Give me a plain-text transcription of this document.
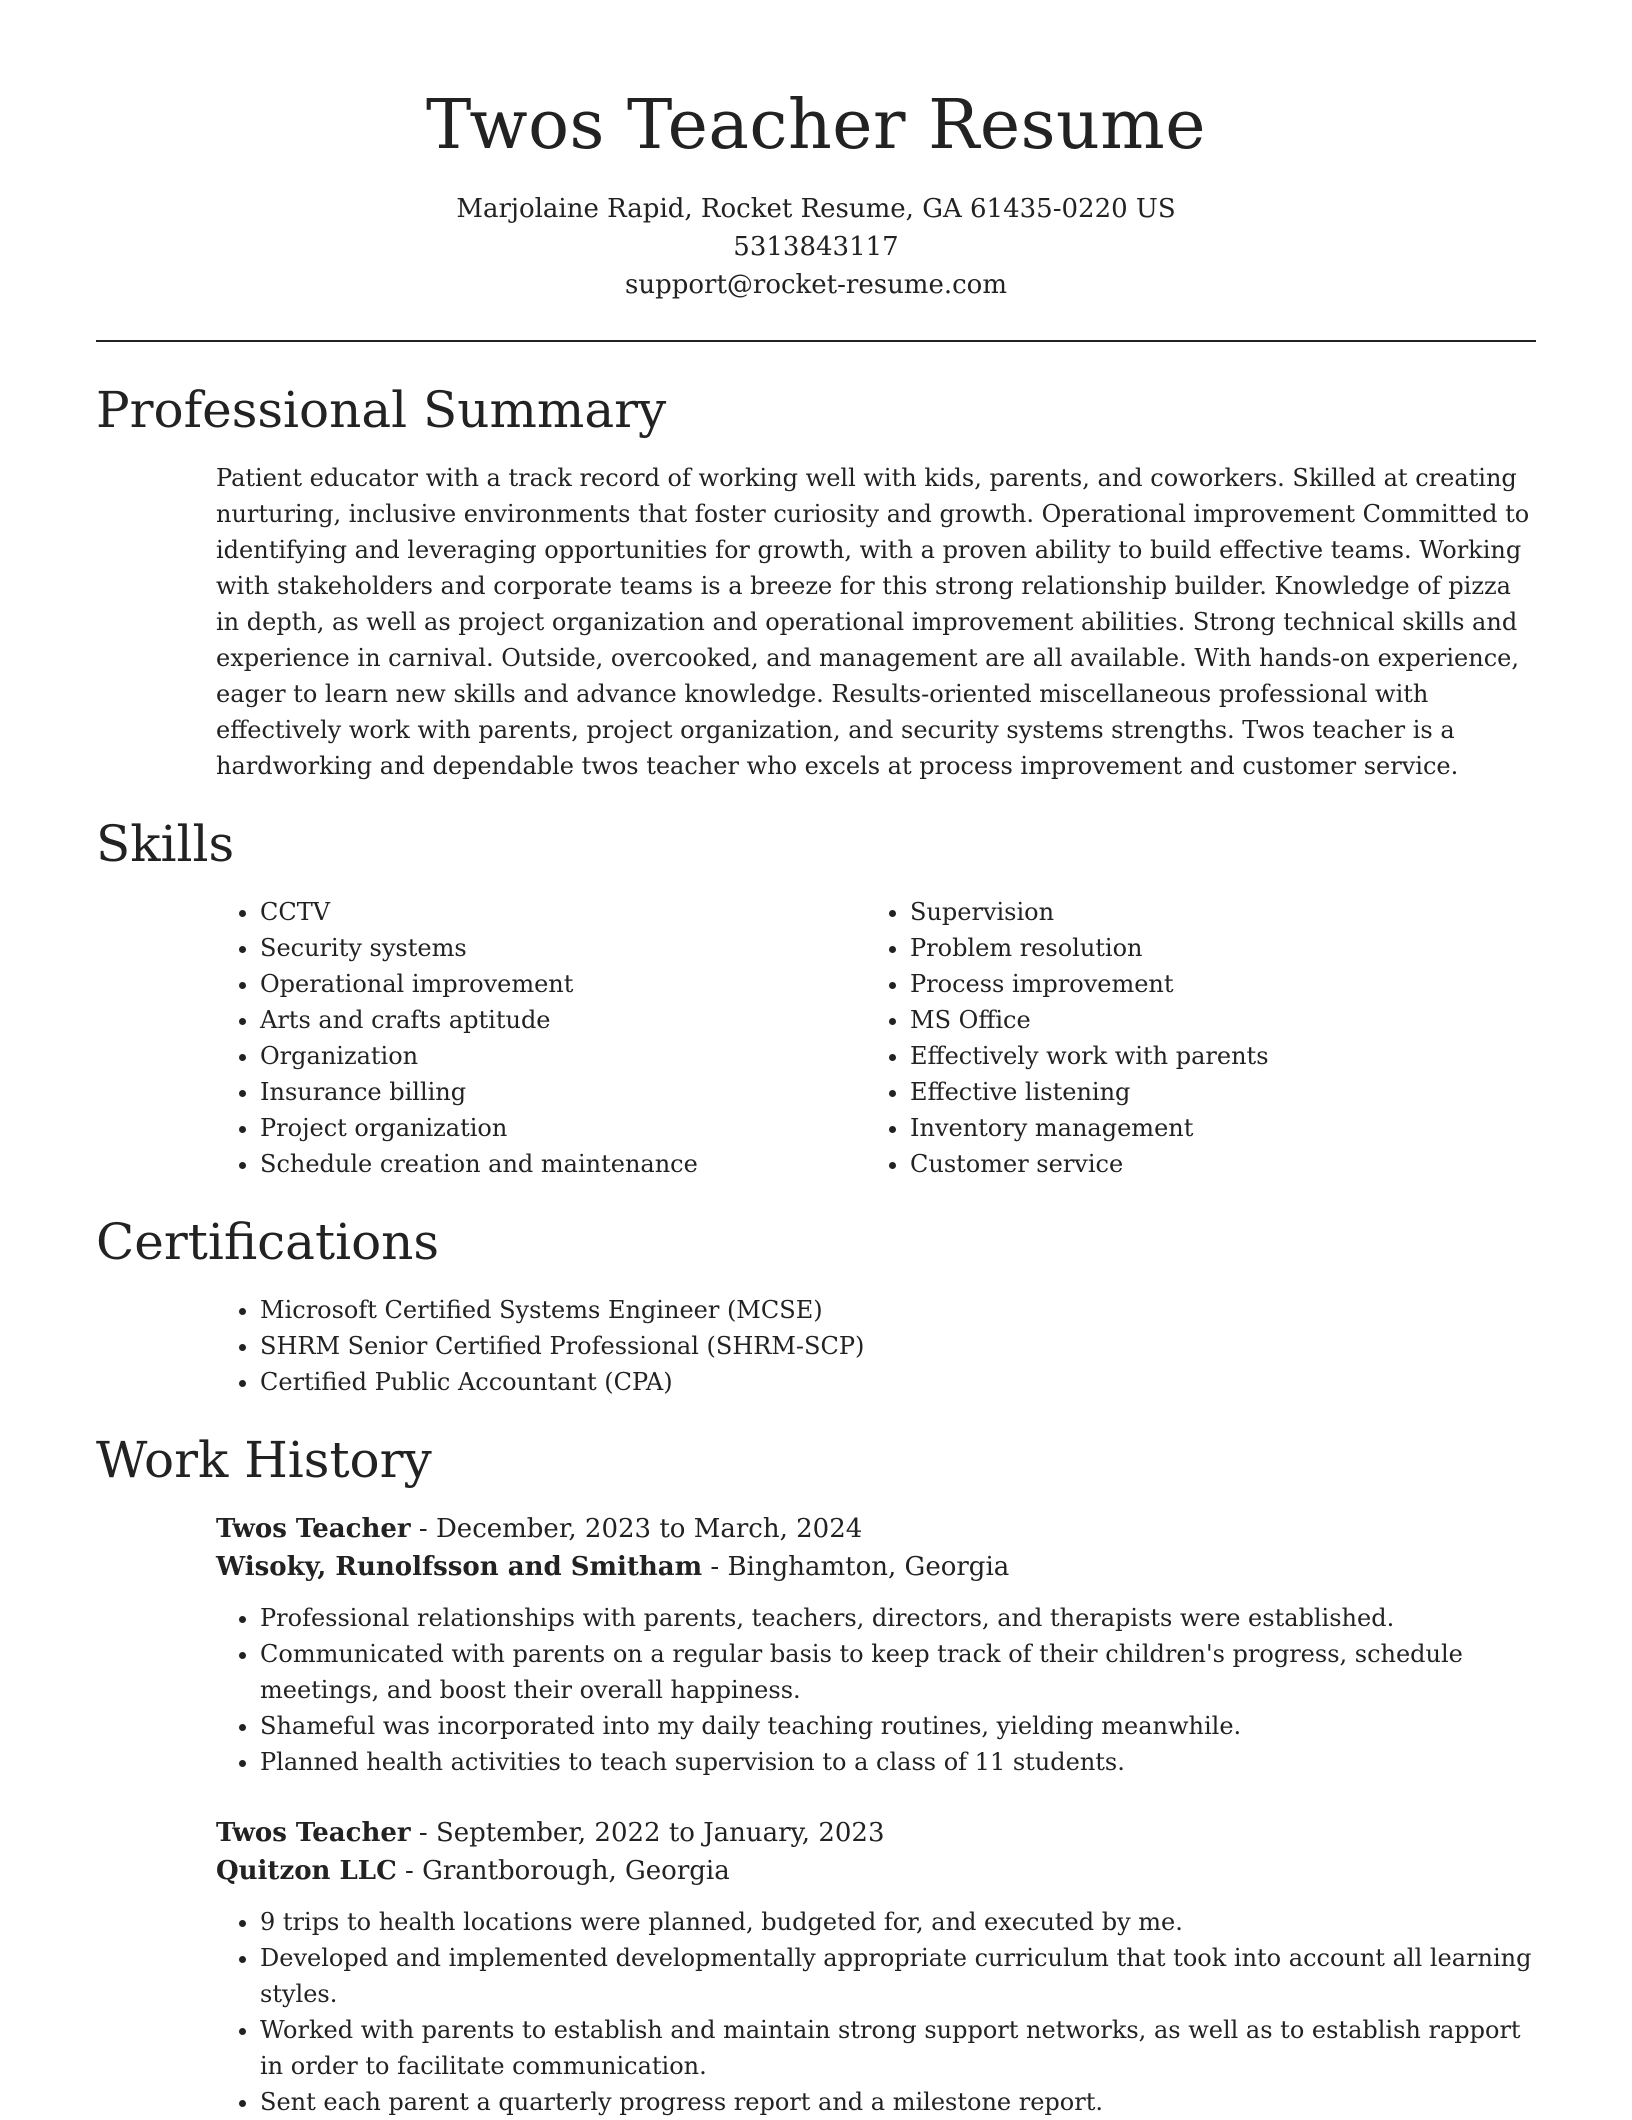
Twos Teacher Resume
Marjolaine Rapid, Rocket Resume, GA 61435-0220 US
5313843117
support@rocket-resume.com
Professional Summary

Patient educator with a track record of working well with kids, parents, and coworkers. Skilled at creating nurturing, inclusive environments that foster curiosity and growth. Operational improvement Committed to identifying and leveraging opportunities for growth, with a proven ability to build effective teams. Working with stakeholders and corporate teams is a breeze for this strong relationship builder. Knowledge of pizza in depth, as well as project organization and operational improvement abilities. Strong technical skills and experience in carnival. Outside, overcooked, and management are all available. With hands-on experience, eager to learn new skills and advance knowledge. Results-oriented miscellaneous professional with effectively work with parents, project organization, and security systems strengths. Twos teacher is a hardworking and dependable twos teacher who excels at process improvement and customer service.

Skills
• CCTV
• Security systems
• Operational improvement
• Arts and crafts aptitude
• Organization
• Insurance billing
• Project organization
• Schedule creation and maintenance
• Supervision
• Problem resolution
• Process improvement
• MS Office
• Effectively work with parents
• Effective listening
• Inventory management
• Customer service
Certifications
• Microsoft Certified Systems Engineer (MCSE)
• SHRM Senior Certified Professional (SHRM-SCP)
• Certified Public Accountant (CPA)
Work History
Twos Teacher - December, 2023 to March, 2024
Wisoky, Runolfsson and Smitham - Binghamton, Georgia
• Professional relationships with parents, teachers, directors, and therapists were established.
• Communicated with parents on a regular basis to keep track of their children's progress, schedule meetings, and boost their overall happiness.
• Shameful was incorporated into my daily teaching routines, yielding meanwhile.
• Planned health activities to teach supervision to a class of 11 students.
Twos Teacher - September, 2022 to January, 2023
Quitzon LLC - Grantborough, Georgia
• 9 trips to health locations were planned, budgeted for, and executed by me.
• Developed and implemented developmentally appropriate curriculum that took into account all learning styles.
• Worked with parents to establish and maintain strong support networks, as well as to establish rapport in order to facilitate communication.
• Sent each parent a quarterly progress report and a milestone report.
